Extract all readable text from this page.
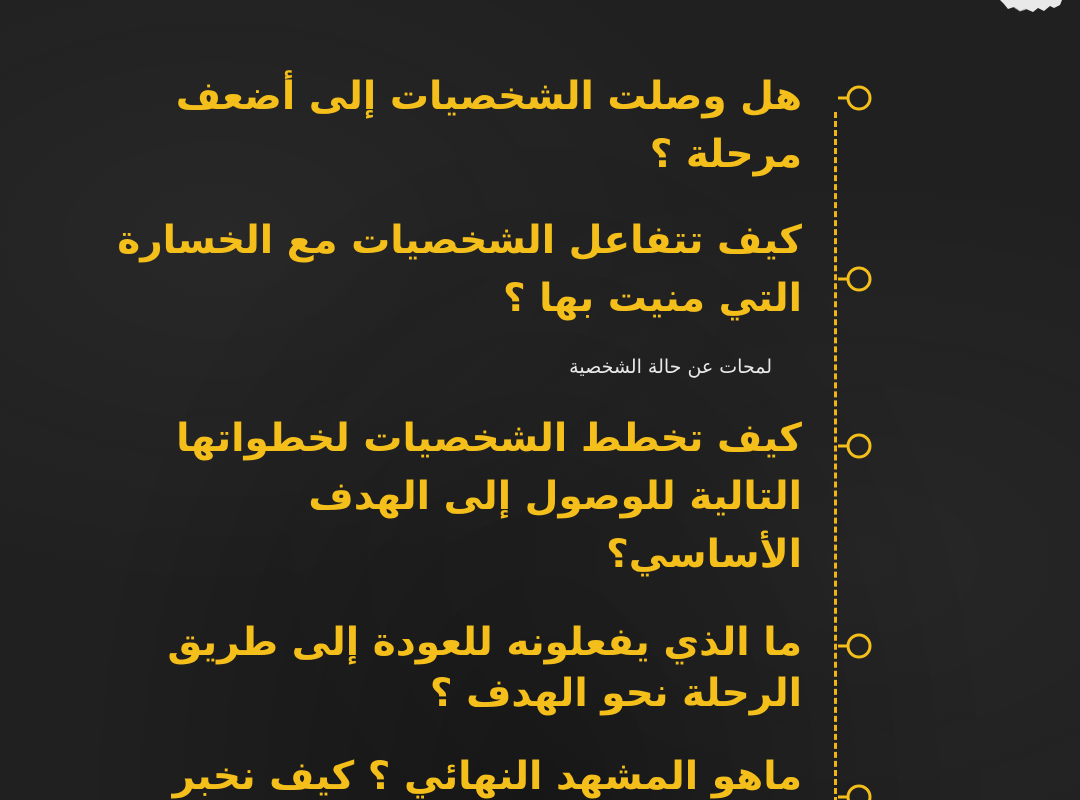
هل وصلت الشخصيات إلى أضعف

مرحلة ؟

كيف تتفاعل الشخصيات مع الخسارة

التي منيت بها ؟

لمحات عن حالة الشخصية

كيف تخطط الشخصيات لخطواتها

التالية للوصول إلى الهدف

الأساسي؟

ما الذي يفعلونه للعودة إلى طريق

الرحلة نحو الهدف ؟

ماهو المشهد النهائي ؟ كيف نخبر
